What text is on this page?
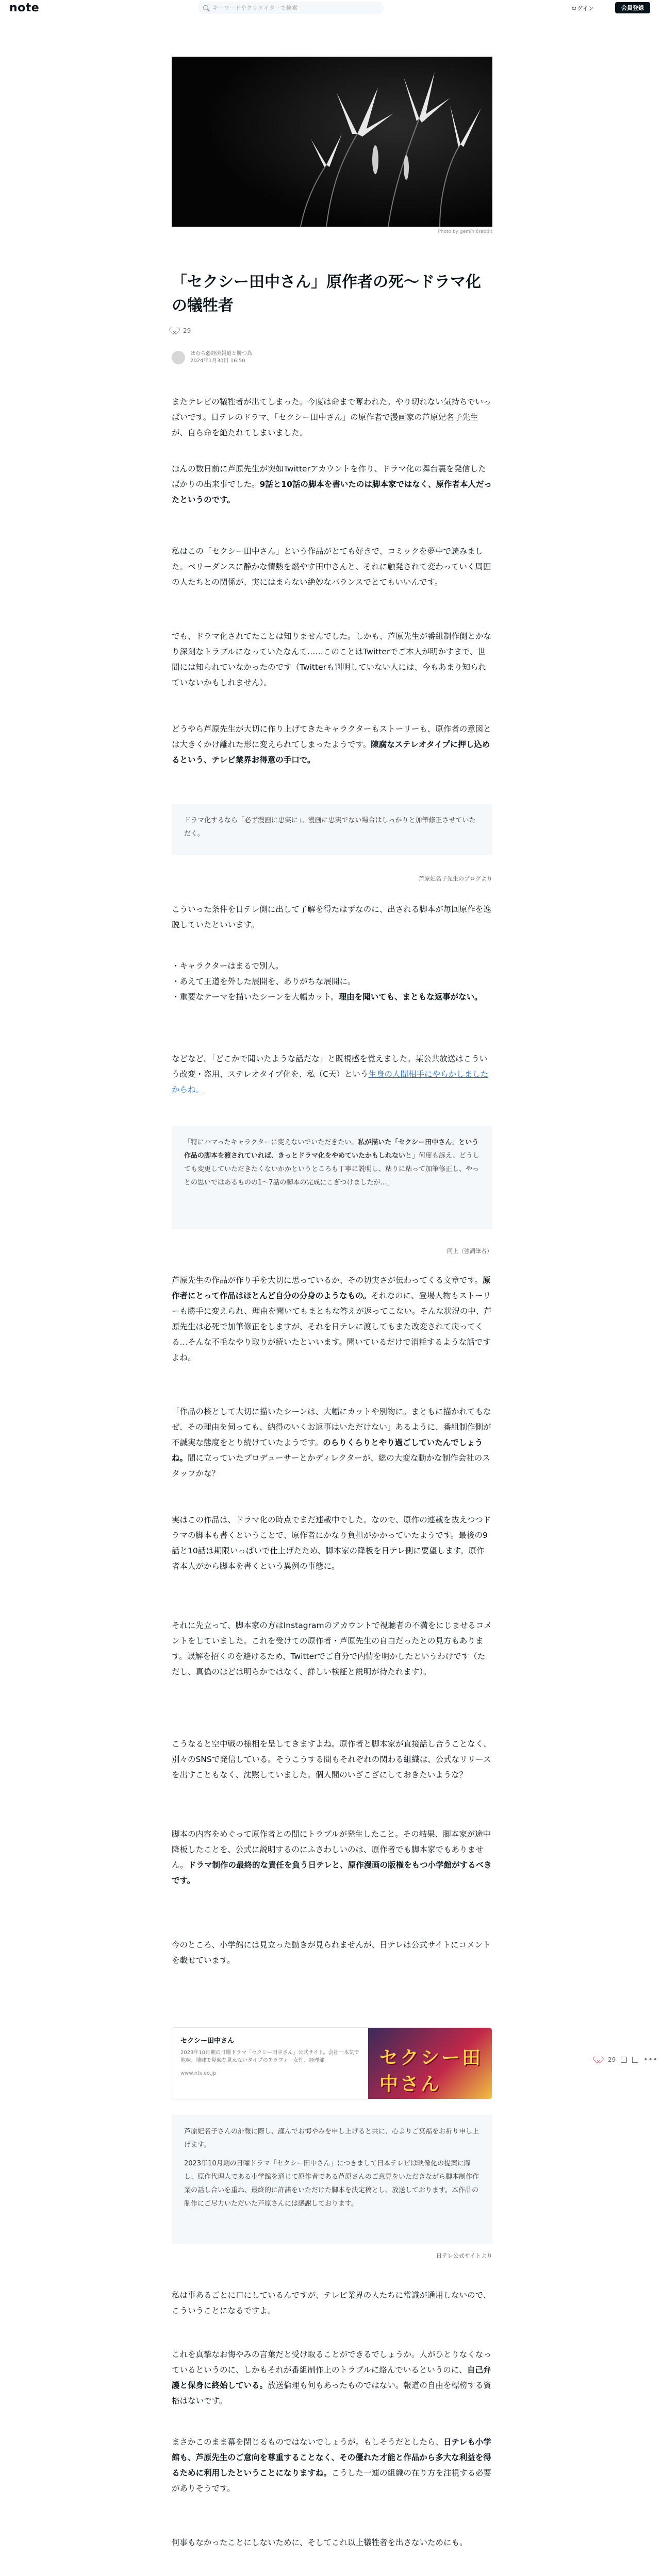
note
キーワードやクリエイターで検索	ログイン	会員登録
Photo by gemini6rabbit
「セクシー田中さん」原作者の死〜ドラマ化の犠牲者
29
ほむら@経済報道と勝つ為
2024年1月30日 16:50

またテレビの犠牲者が出てしまった。今度は命まで奪われた。やり切れない気持ちでいっぱいです。日テレのドラマ、「セクシー田中さん」の原作者で漫画家の芦原妃名子先生が、自ら命を絶たれてしまいました。

ほんの数日前に芦原先生が突如Twitterアカウントを作り、ドラマ化の舞台裏を発信したばかりの出来事でした。9話と10話の脚本を書いたのは脚本家ではなく、原作者本人だったというのです。

私はこの「セクシー田中さん」という作品がとても好きで、コミックを夢中で読みました。ベリーダンスに静かな情熱を燃やす田中さんと、それに触発されて変わっていく周囲の人たちとの関係が、実にはまらない絶妙なバランスでとてもいいんです。

でも、ドラマ化されてたことは知りませんでした。しかも、芦原先生が番組制作側とかなり深刻なトラブルになっていたなんて……このことはTwitterでご本人が明かすまで、世間には知られていなかったのです（Twitterも判明していない人には、今もあまり知られていないかもしれません）。

どうやら芦原先生が大切に作り上げてきたキャラクターもストーリーも、原作者の意図とは大きくかけ離れた形に変えられてしまったようです。陳腐なステレオタイプに押し込めるという、テレビ業界お得意の手口で。

ドラマ化するなら「必ず漫画に忠実に」。漫画に忠実でない場合はしっかりと加筆修正させていただく。
芦原妃名子先生のブログより

こういった条件を日テレ側に出して了解を得たはずなのに、出される脚本が毎回原作を逸脱していたといいます。

・キャラクターはまるで別人。

・あえて王道を外した展開を、ありがちな展開に。

・重要なテーマを描いたシーンを大幅カット。理由を聞いても、まともな返事がない。

などなど。「どこかで聞いたような話だな」と既視感を覚えました。某公共放送はこういう改変・盗用、ステレオタイプ化を、私（C天）という生身の人間相手にやらかしましたからね。

「特にハマったキャラクターに変えないでいただきたい。私が描いた「セクシー田中さん」という作品の脚本を渡されていれば、きっとドラマ化をやめていたかもしれないと」何度も訴え、どうしても変更していただきたくないかかというところも丁寧に説明し、粘りに粘って加筆修正し、やっとの思いではあるものの1〜7話の脚本の完成にこぎつけましたが…」
同上（強調筆者）

芦原先生の作品が作り手を大切に思っているか、その切実さが伝わってくる文章です。原作者にとって作品はほとんど自分の分身のようなもの。それなのに、登場人物もストーリーも勝手に変えられ、理由を聞いてもまともな答えが返ってこない。そんな状況の中、芦原先生は必死で加筆修正をしますが、それを日テレに渡してもまた改変されて戻ってくる…そんな不毛なやり取りが続いたといいます。聞いているだけで消耗するような話ですよね。

「作品の核として大切に描いたシーンは、大幅にカットや別物に。まともに描かれてもなぜ、その理由を伺っても、納得のいくお返事はいただけない」あるように、番組制作側が不誠実な態度をとり続けていたようです。のらりくらりとやり過ごしていたんでしょうね。間に立っていたプロデューサーとかディレクターが、総の大変な動かな制作会社のスタッフかな？

実はこの作品は、ドラマ化の時点でまだ連載中でした。なので、原作の連載を抜えつつドラマの脚本も書くということで、原作者にかなり負担がかかっていたようです。最後の9話と10話は期限いっぱいで仕上げたため、脚本家の降板を日テレ側に要望します。原作者本人がから脚本を書くという異例の事態に。

それに先立って、脚本家の方はInstagramのアカウントで視聴者の不満をにじませるコメントをしていました。これを受けての原作者・芦原先生の自白だったとの見方もあります。誤解を招くのを避けるため、Twitterでご自分で内情を明かしたというわけです（ただし、真偽のほどは明らかではなく、詳しい検証と説明が待たれます）。

こうなると空中戦の様相を呈してきますよね。原作者と脚本家が直接話し合うことなく、別々のSNSで発信している。そうこうする間もそれぞれの関わる組織は、公式なリリースを出すこともなく、沈黙していました。個人間のいざこざにしておきたいような？

脚本の内容をめぐって原作者との間にトラブルが発生したこと。その結果、脚本家が途中降板したことを、公式に説明するのにふさわしいのは、原作者でも脚本家でもありません。ドラマ制作の最終的な責任を負う日テレと、原作漫画の版権をもつ小学館がするべきです。

今のところ、小学館には見立った動きが見られませんが、日テレは公式サイトにコメントを載せています。

セクシー田中さん
2023年10月期の日曜ドラマ「セクシー田中さん」公式サイト。会社一本気で地味、地味で見楽な見えないタイプのアラフォー女性、経理部
www.ntv.co.jp
セクシー田中さん
29	•••
芦原妃名子さんの訃報に際し、謹んでお悔やみを申し上げると共に、心よりご冥福をお祈り申し上げます。
2023年10月期の日曜ドラマ「セクシー田中さん」につきまして日本テレビは映像化の提案に際し、原作代理人である小学館を通じて原作者である芦原さんのご意見をいただきながら脚本制作作業の話し合いを重ね、最終的に許諾をいただけた脚本を決定稿とし、放送しております。本作品の制作にご尽力いただいた芦原さんには感謝しております。
日テレ公式サイトより

私は事あるごとに口にしているんですが、テレビ業界の人たちに常識が通用しないので、こういうことになるですよ。

これを真摯なお悔やみの言葉だと受け取ることができるでしょうか。人がひとりなくなっているというのに、しかもそれが番組制作上のトラブルに絡んでいるというのに、自己弁護と保身に終始している。放送倫理も何もあったものではない。報道の自由を標榜する資格はないです。

まさかこのまま幕を閉じるものではないでしょうが。もしそうだとしたら、日テレも小学館も、芦原先生のご意向を尊重することなく、その優れた才能と作品から多大な利益を得るために利用したということになりますね。こうした一連の組織の在り方を注視する必要がありそうです。

何事もなかったことにしないために、そしてこれ以上犠牲者を出さないためにも。
